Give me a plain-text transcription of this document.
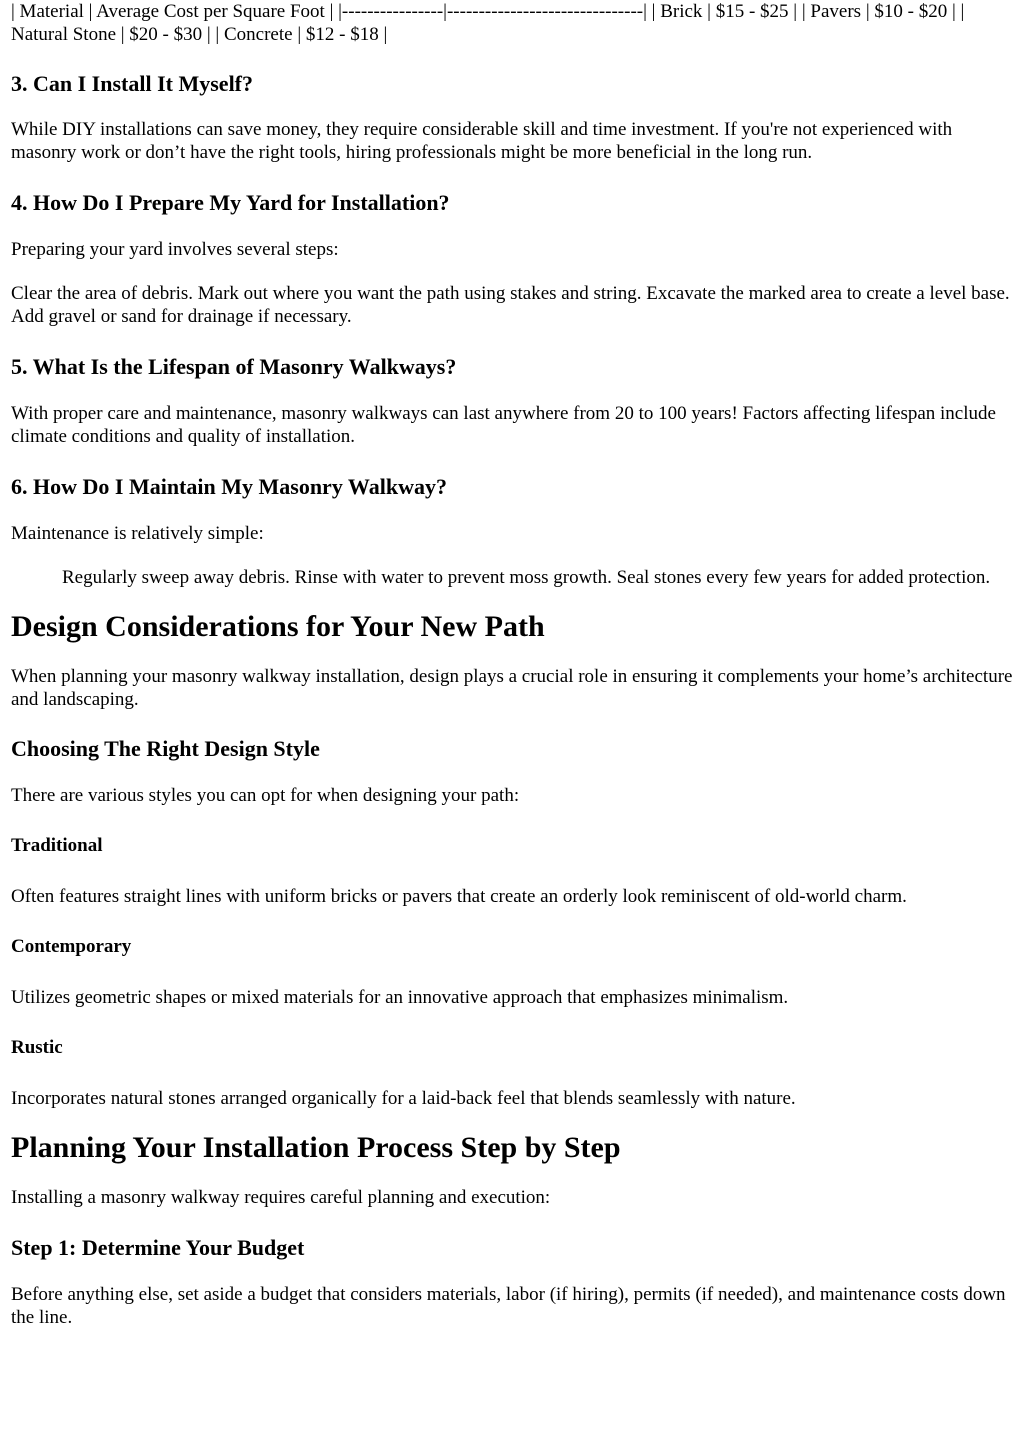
| Material | Average Cost per Square Foot | |----------------|-------------------------------| | Brick | $15 - $25 | | Pavers | $10 - $20 | | Natural Stone | $20 - $30 | | Concrete | $12 - $18 |

3. Can I Install It Myself?

While DIY installations can save money, they require considerable skill and time investment. If you're not experienced with masonry work or don’t have the right tools, hiring professionals might be more beneficial in the long run.

4. How Do I Prepare My Yard for Installation?

Preparing your yard involves several steps:

Clear the area of debris. Mark out where you want the path using stakes and string. Excavate the marked area to create a level base. Add gravel or sand for drainage if necessary.

5. What Is the Lifespan of Masonry Walkways?

With proper care and maintenance, masonry walkways can last anywhere from 20 to 100 years! Factors affecting lifespan include climate conditions and quality of installation.

6. How Do I Maintain My Masonry Walkway?

Maintenance is relatively simple:

Regularly sweep away debris. Rinse with water to prevent moss growth. Seal stones every few years for added protection.

Design Considerations for Your New Path

When planning your masonry walkway installation, design plays a crucial role in ensuring it complements your home’s architecture and landscaping.

Choosing The Right Design Style

There are various styles you can opt for when designing your path:

Traditional

Often features straight lines with uniform bricks or pavers that create an orderly look reminiscent of old-world charm.

Contemporary

Utilizes geometric shapes or mixed materials for an innovative approach that emphasizes minimalism.

Rustic

Incorporates natural stones arranged organically for a laid-back feel that blends seamlessly with nature.

Planning Your Installation Process Step by Step

Installing a masonry walkway requires careful planning and execution:

Step 1: Determine Your Budget

Before anything else, set aside a budget that considers materials, labor (if hiring), permits (if needed), and maintenance costs down the line.
